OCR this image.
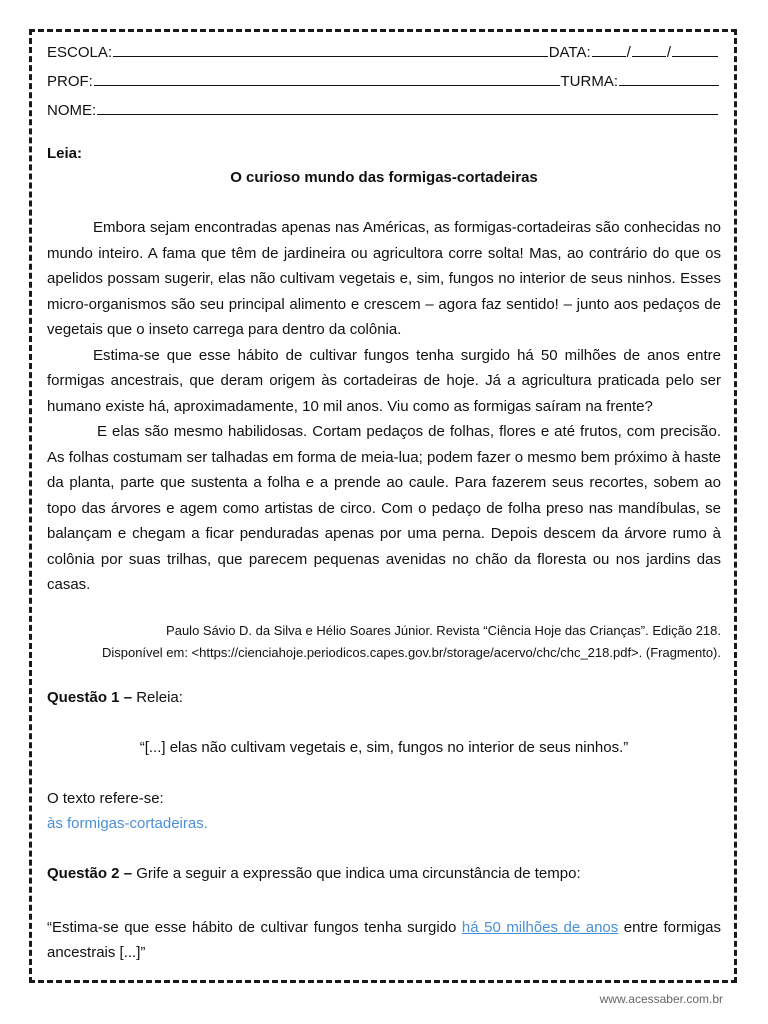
ESCOLA:	DATA: / /
PROF:	TURMA:
NOME:
Leia:
O curioso mundo das formigas-cortadeiras

Embora sejam encontradas apenas nas Américas, as formigas-cortadeiras são conhecidas no mundo inteiro. A fama que têm de jardineira ou agricultora corre solta! Mas, ao contrário do que os apelidos possam sugerir, elas não cultivam vegetais e, sim, fungos no interior de seus ninhos. Esses micro-organismos são seu principal alimento e crescem – agora faz sentido! – junto aos pedaços de vegetais que o inseto carrega para dentro da colônia.

Estima-se que esse hábito de cultivar fungos tenha surgido há 50 milhões de anos entre formigas ancestrais, que deram origem às cortadeiras de hoje. Já a agricultura praticada pelo ser humano existe há, aproximadamente, 10 mil anos. Viu como as formigas saíram na frente?

E elas são mesmo habilidosas. Cortam pedaços de folhas, flores e até frutos, com precisão. As folhas costumam ser talhadas em forma de meia-lua; podem fazer o mesmo bem próximo à haste da planta, parte que sustenta a folha e a prende ao caule. Para fazerem seus recortes, sobem ao topo das árvores e agem como artistas de circo. Com o pedaço de folha preso nas mandíbulas, se balançam e chegam a ficar penduradas apenas por uma perna. Depois descem da árvore rumo à colônia por suas trilhas, que parecem pequenas avenidas no chão da floresta ou nos jardins das casas.

Paulo Sávio D. da Silva e Hélio Soares Júnior. Revista “Ciência Hoje das Crianças”. Edição 218.
Disponível em: <https://cienciahoje.periodicos.capes.gov.br/storage/acervo/chc/chc_218.pdf>. (Fragmento).
Questão 1 – Releia:
“[...] elas não cultivam vegetais e, sim, fungos no interior de seus ninhos.”
O texto refere-se:
às formigas-cortadeiras.
Questão 2 – Grife a seguir a expressão que indica uma circunstância de tempo:
“Estima-se que esse hábito de cultivar fungos tenha surgido há 50 milhões de anos entre formigas ancestrais [...]”
www.acessaber.com.br
